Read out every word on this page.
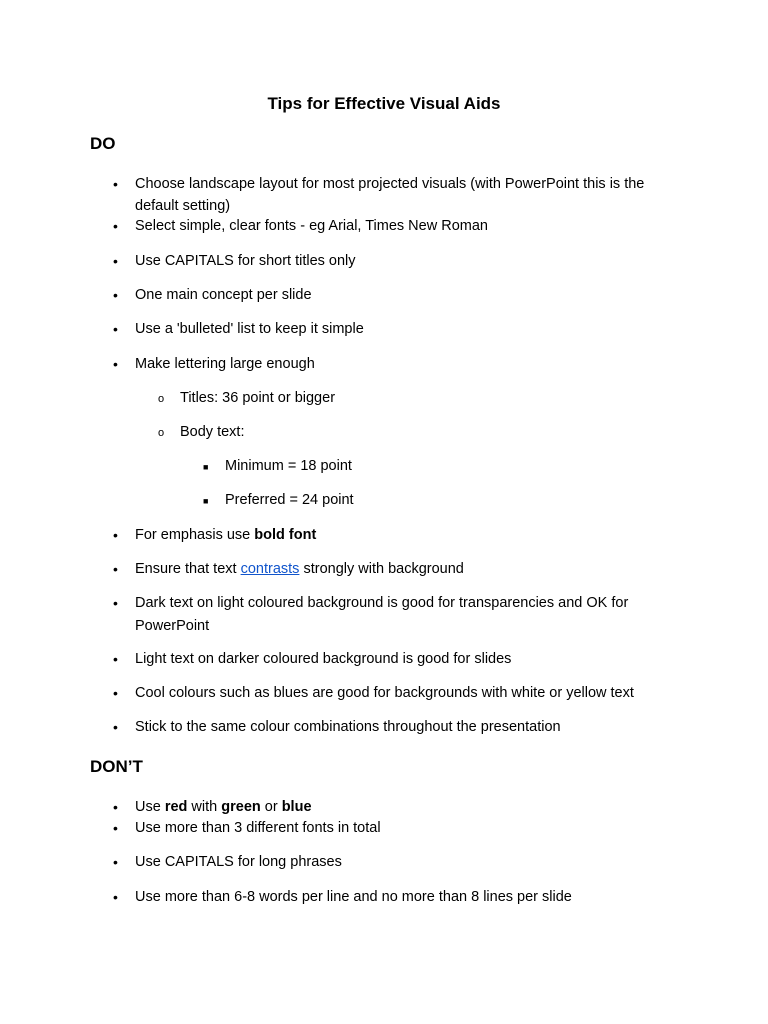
Tips for Effective Visual Aids
DO
• Choose landscape layout for most projected visuals (with PowerPoint this is the
default setting)
• Select simple, clear fonts - eg Arial, Times New Roman
• Use CAPITALS for short titles only
• One main concept per slide
• Use a 'bulleted' list to keep it simple
• Make lettering large enough
o Titles: 36 point or bigger
o Body text:
■ Minimum = 18 point
■ Preferred = 24 point
• For emphasis use bold font
• Ensure that text contrasts strongly with background
• Dark text on light coloured background is good for transparencies and OK for
PowerPoint
• Light text on darker coloured background is good for slides
• Cool colours such as blues are good for backgrounds with white or yellow text
• Stick to the same colour combinations throughout the presentation
DON’T
• Use red with green or blue
• Use more than 3 different fonts in total
• Use CAPITALS for long phrases
• Use more than 6-8 words per line and no more than 8 lines per slide
